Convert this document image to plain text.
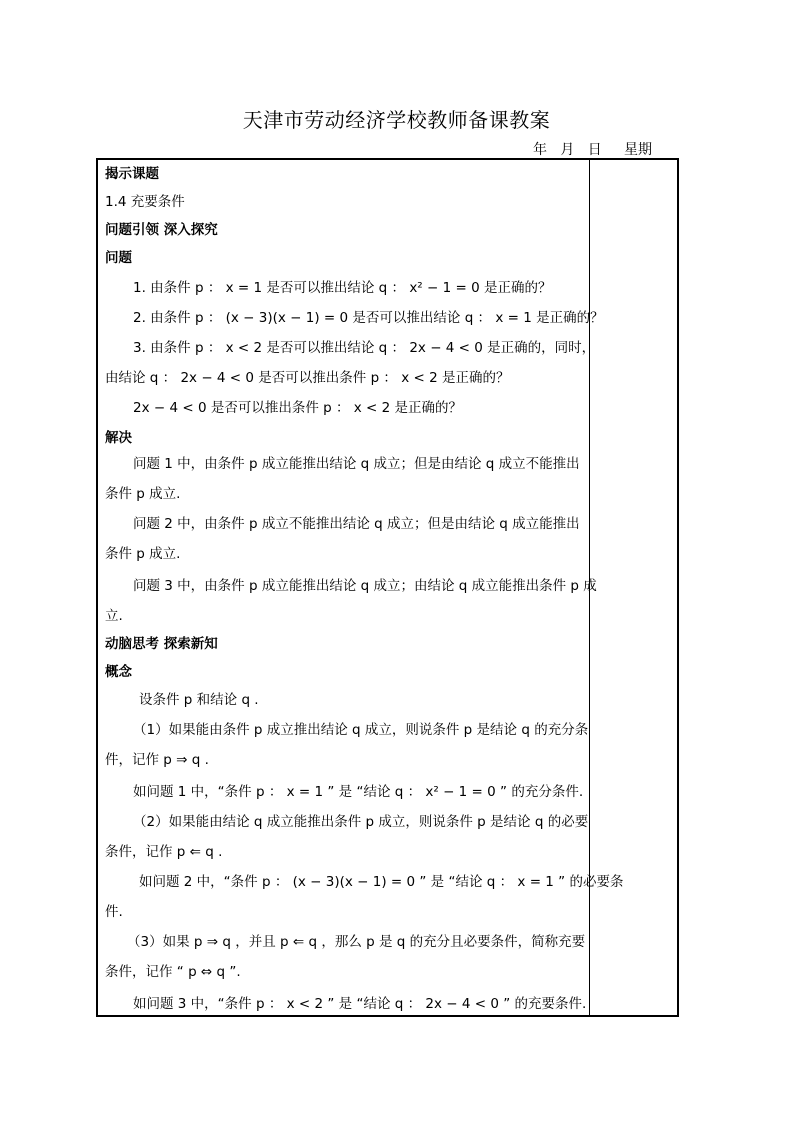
天津市劳动经济学校教师备课教案
年   月   日     星期
揭示课题
1.4 充要条件
问题引领 深入探究
问题
1. 由条件 p ： x = 1 是否可以推出结论 q ： x² − 1 = 0 是正确的？
2. 由条件 p ： (x − 3)(x − 1) = 0 是否可以推出结论 q ： x = 1 是正确的？
3. 由条件 p ： x < 2 是否可以推出结论 q ： 2x − 4 < 0 是正确的，同时，
由结论 q ： 2x − 4 < 0 是否可以推出条件 p ： x < 2 是正确的？
2x − 4 < 0 是否可以推出条件 p ： x < 2 是正确的？
解决
问题 1 中，由条件 p 成立能推出结论 q 成立；但是由结论 q 成立不能推出
条件 p 成立.
问题 2 中，由条件 p 成立不能推出结论 q 成立；但是由结论 q 成立能推出
条件 p 成立.
问题 3 中，由条件 p 成立能推出结论 q 成立；由结论 q 成立能推出条件 p 成
立.
动脑思考 探索新知
概念
设条件 p 和结论 q .
（1）如果能由条件 p 成立推出结论 q 成立，则说条件 p 是结论 q 的充分条
件，记作 p ⇒ q .
如问题 1 中，“条件 p ： x = 1 ” 是 “结论 q ： x² − 1 = 0 ” 的充分条件.
（2）如果能由结论 q 成立能推出条件 p 成立，则说条件 p 是结论 q 的必要
条件，记作 p ⇐ q .
如问题 2 中，“条件 p ： (x − 3)(x − 1) = 0 ” 是 “结论 q ： x = 1 ” 的必要条
件.
（3）如果 p ⇒ q ，并且 p ⇐ q ，那么 p 是 q 的充分且必要条件，简称充要
条件，记作 “ p ⇔ q ”.
如问题 3 中，“条件 p ： x < 2 ” 是 “结论 q ： 2x − 4 < 0 ” 的充要条件.
